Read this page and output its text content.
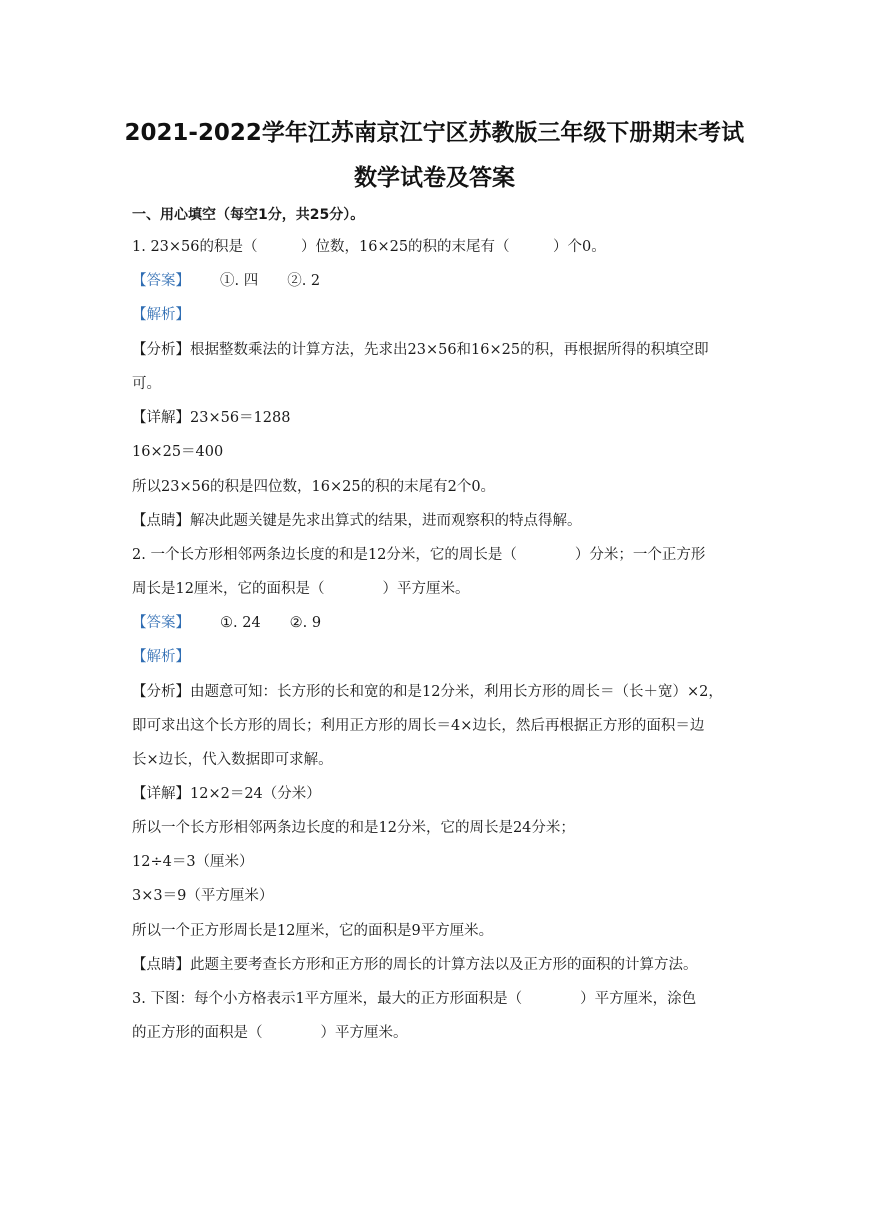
2021-2022学年江苏南京江宁区苏教版三年级下册期末考试
数学试卷及答案
一、用心填空（每空1分，共25分）。
1. 23×56的积是（　　　）位数，16×25的积的末尾有（　　　）个0。
【答案】 ①. 四　　②. 2
【解析】
【分析】根据整数乘法的计算方法，先求出23×56和16×25的积，再根据所得的积填空即
可。
【详解】23×56＝1288
16×25＝400
所以23×56的积是四位数，16×25的积的末尾有2个0。
【点睛】解决此题关键是先求出算式的结果，进而观察积的特点得解。
2. 一个长方形相邻两条边长度的和是12分米，它的周长是（　　　　）分米；一个正方形
周长是12厘米，它的面积是（　　　　）平方厘米。
【答案】 ①. 24　　②. 9
【解析】
【分析】由题意可知：长方形的长和宽的和是12分米，利用长方形的周长＝（长＋宽）×2，
即可求出这个长方形的周长；利用正方形的周长＝4×边长，然后再根据正方形的面积＝边
长×边长，代入数据即可求解。
【详解】12×2＝24（分米）
所以一个长方形相邻两条边长度的和是12分米，它的周长是24分米；
12÷4＝3（厘米）
3×3＝9（平方厘米）
所以一个正方形周长是12厘米，它的面积是9平方厘米。
【点睛】此题主要考查长方形和正方形的周长的计算方法以及正方形的面积的计算方法。
3. 下图：每个小方格表示1平方厘米，最大的正方形面积是（　　　　）平方厘米，涂色
的正方形的面积是（　　　　）平方厘米。
